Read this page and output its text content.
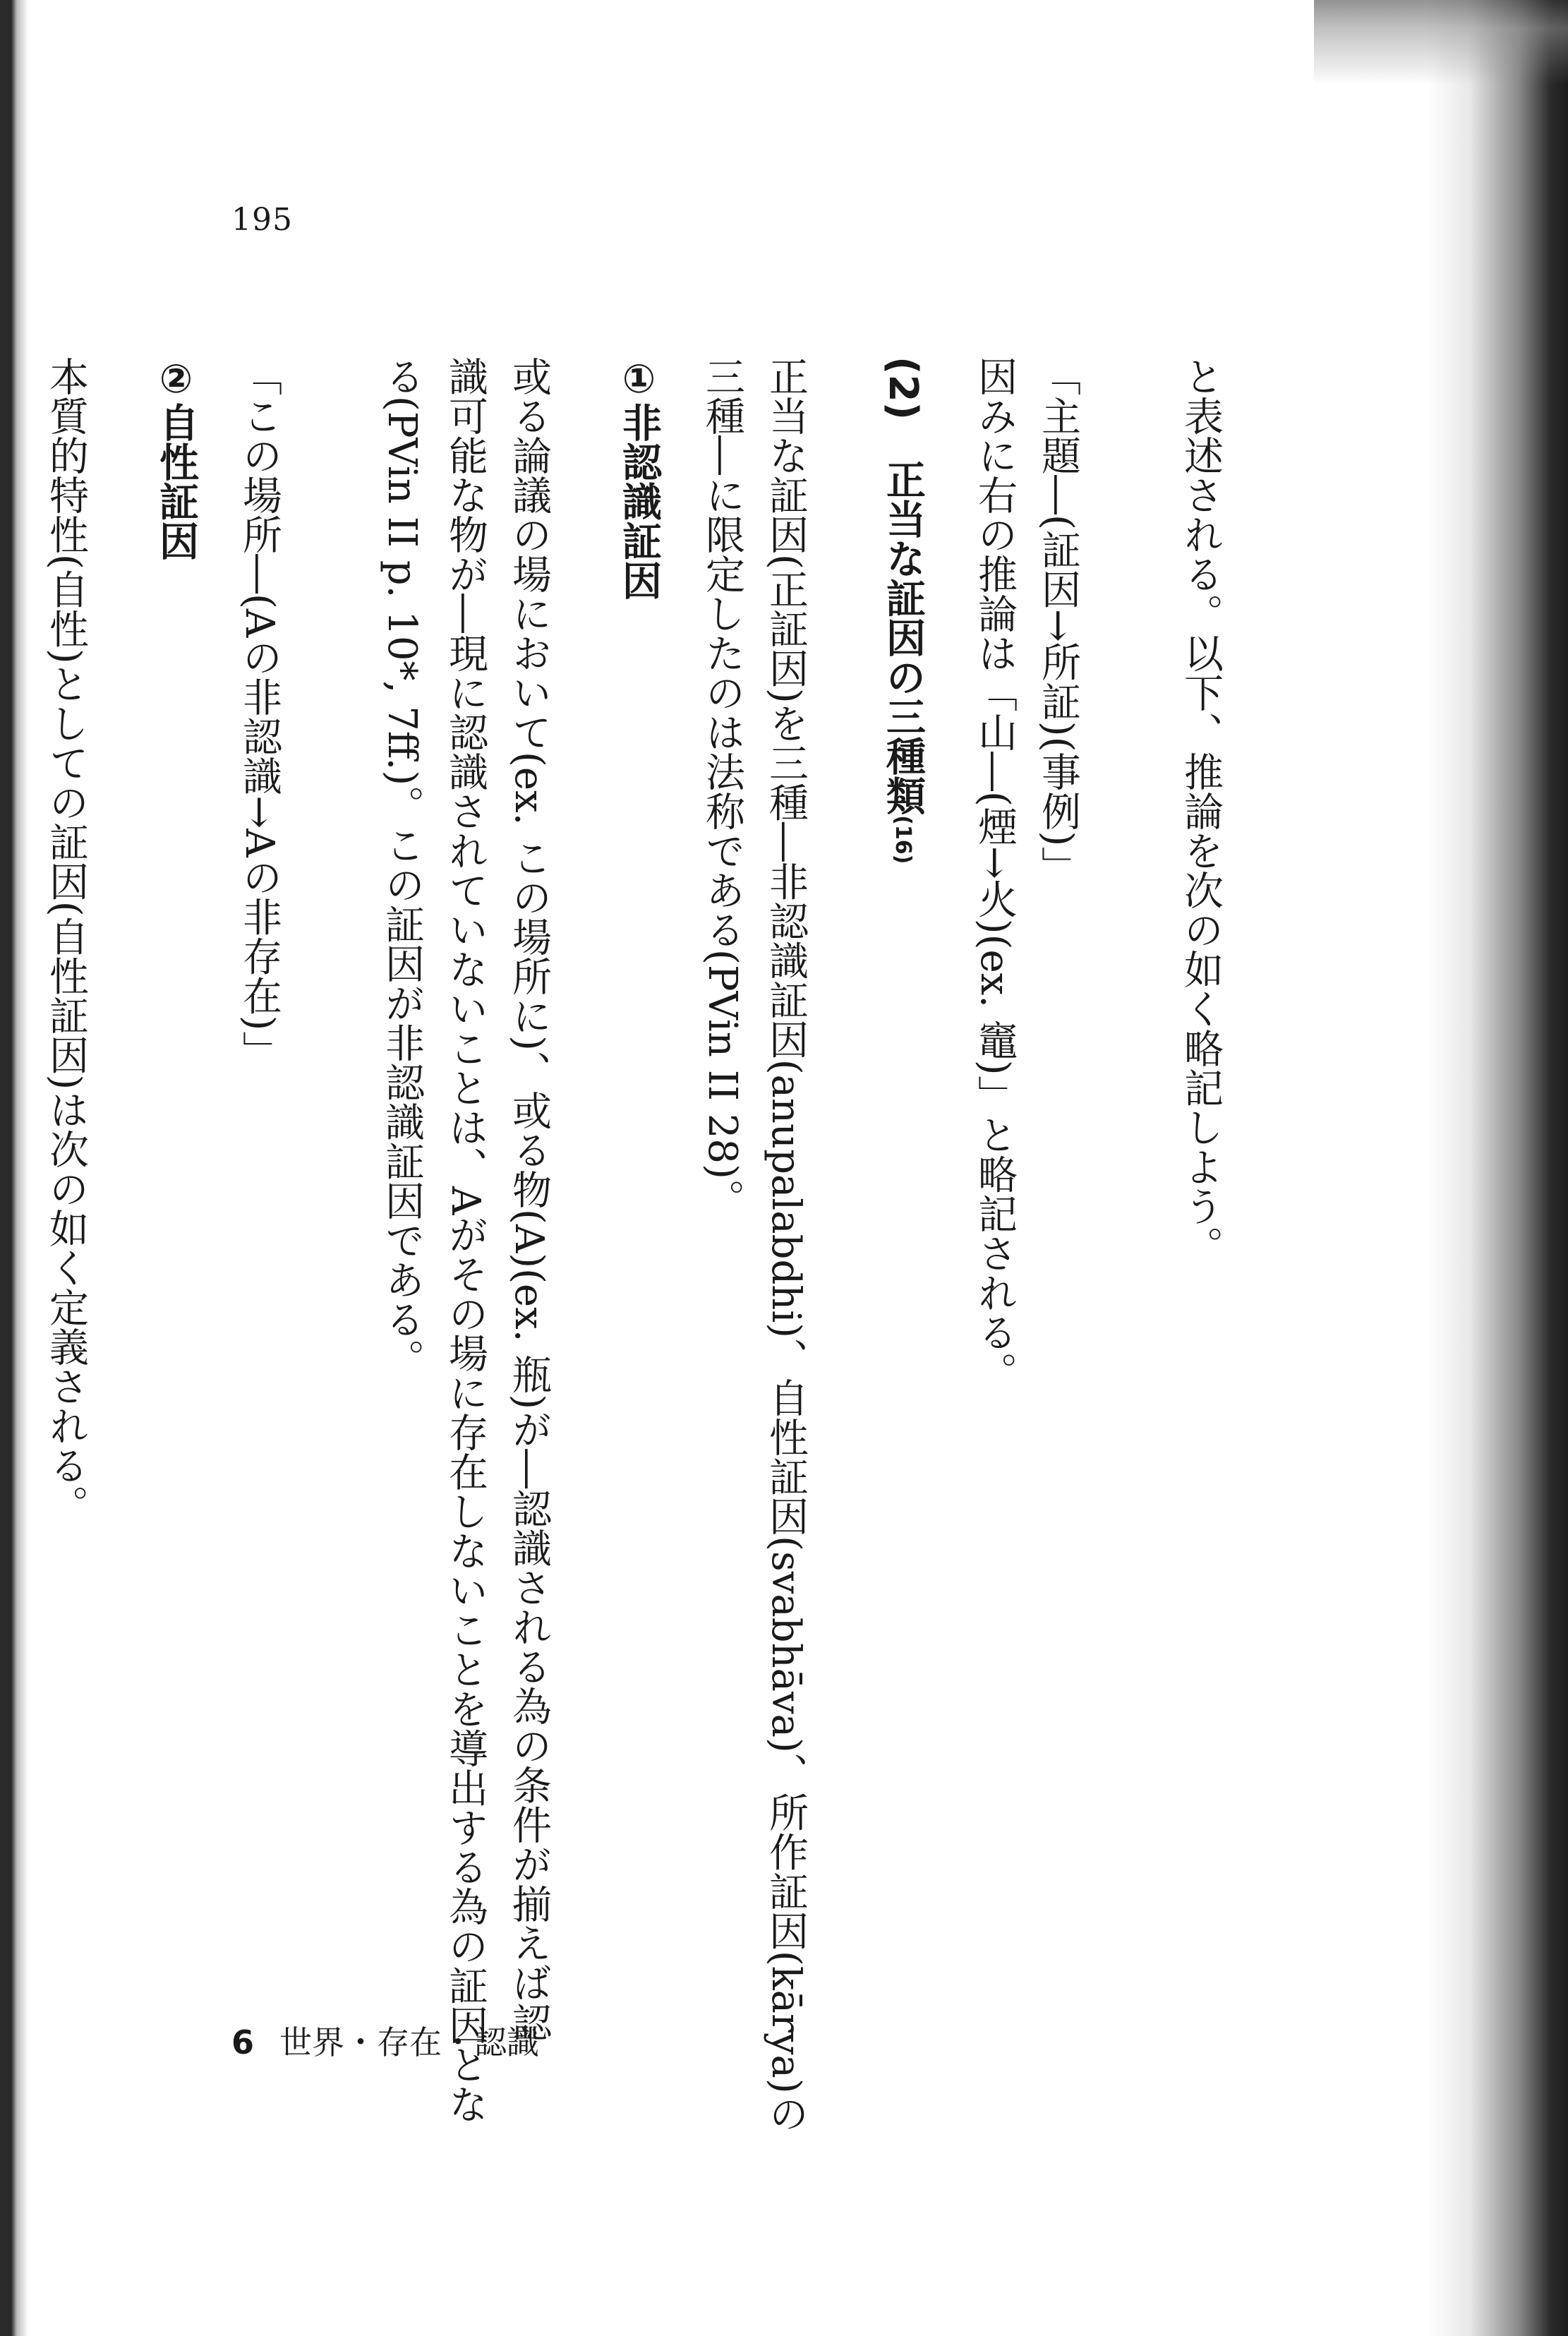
195
と表述される。以下、推論を次の如く略記しよう。
「主題―(証因→所証)(事例)」
因みに右の推論は「山―(煙→火)(ex. 竈)」と略記される。
(2)　正当な証因の三種類(16)
正当な証因(正証因)を三種―非認識証因(anupalabdhi)、自性証因(svabhāva)、所作証因(kārya)の
三種―に限定したのは法称である(PVin II 28)。
①非認識証因
或る論議の場において(ex. この場所に)、或る物(A)(ex. 瓶)が―認識される為の条件が揃えば認
識可能な物が―現に認識されていないことは、Aがその場に存在しないことを導出する為の証因とな
る(PVin II p. 10*, 7ff.)。この証因が非認識証因である。
「この場所―(Aの非認識→Aの非存在)」
②自性証因
本質的特性(自性)としての証因(自性証因)は次の如く定義される。
6 世界・存在・認識
